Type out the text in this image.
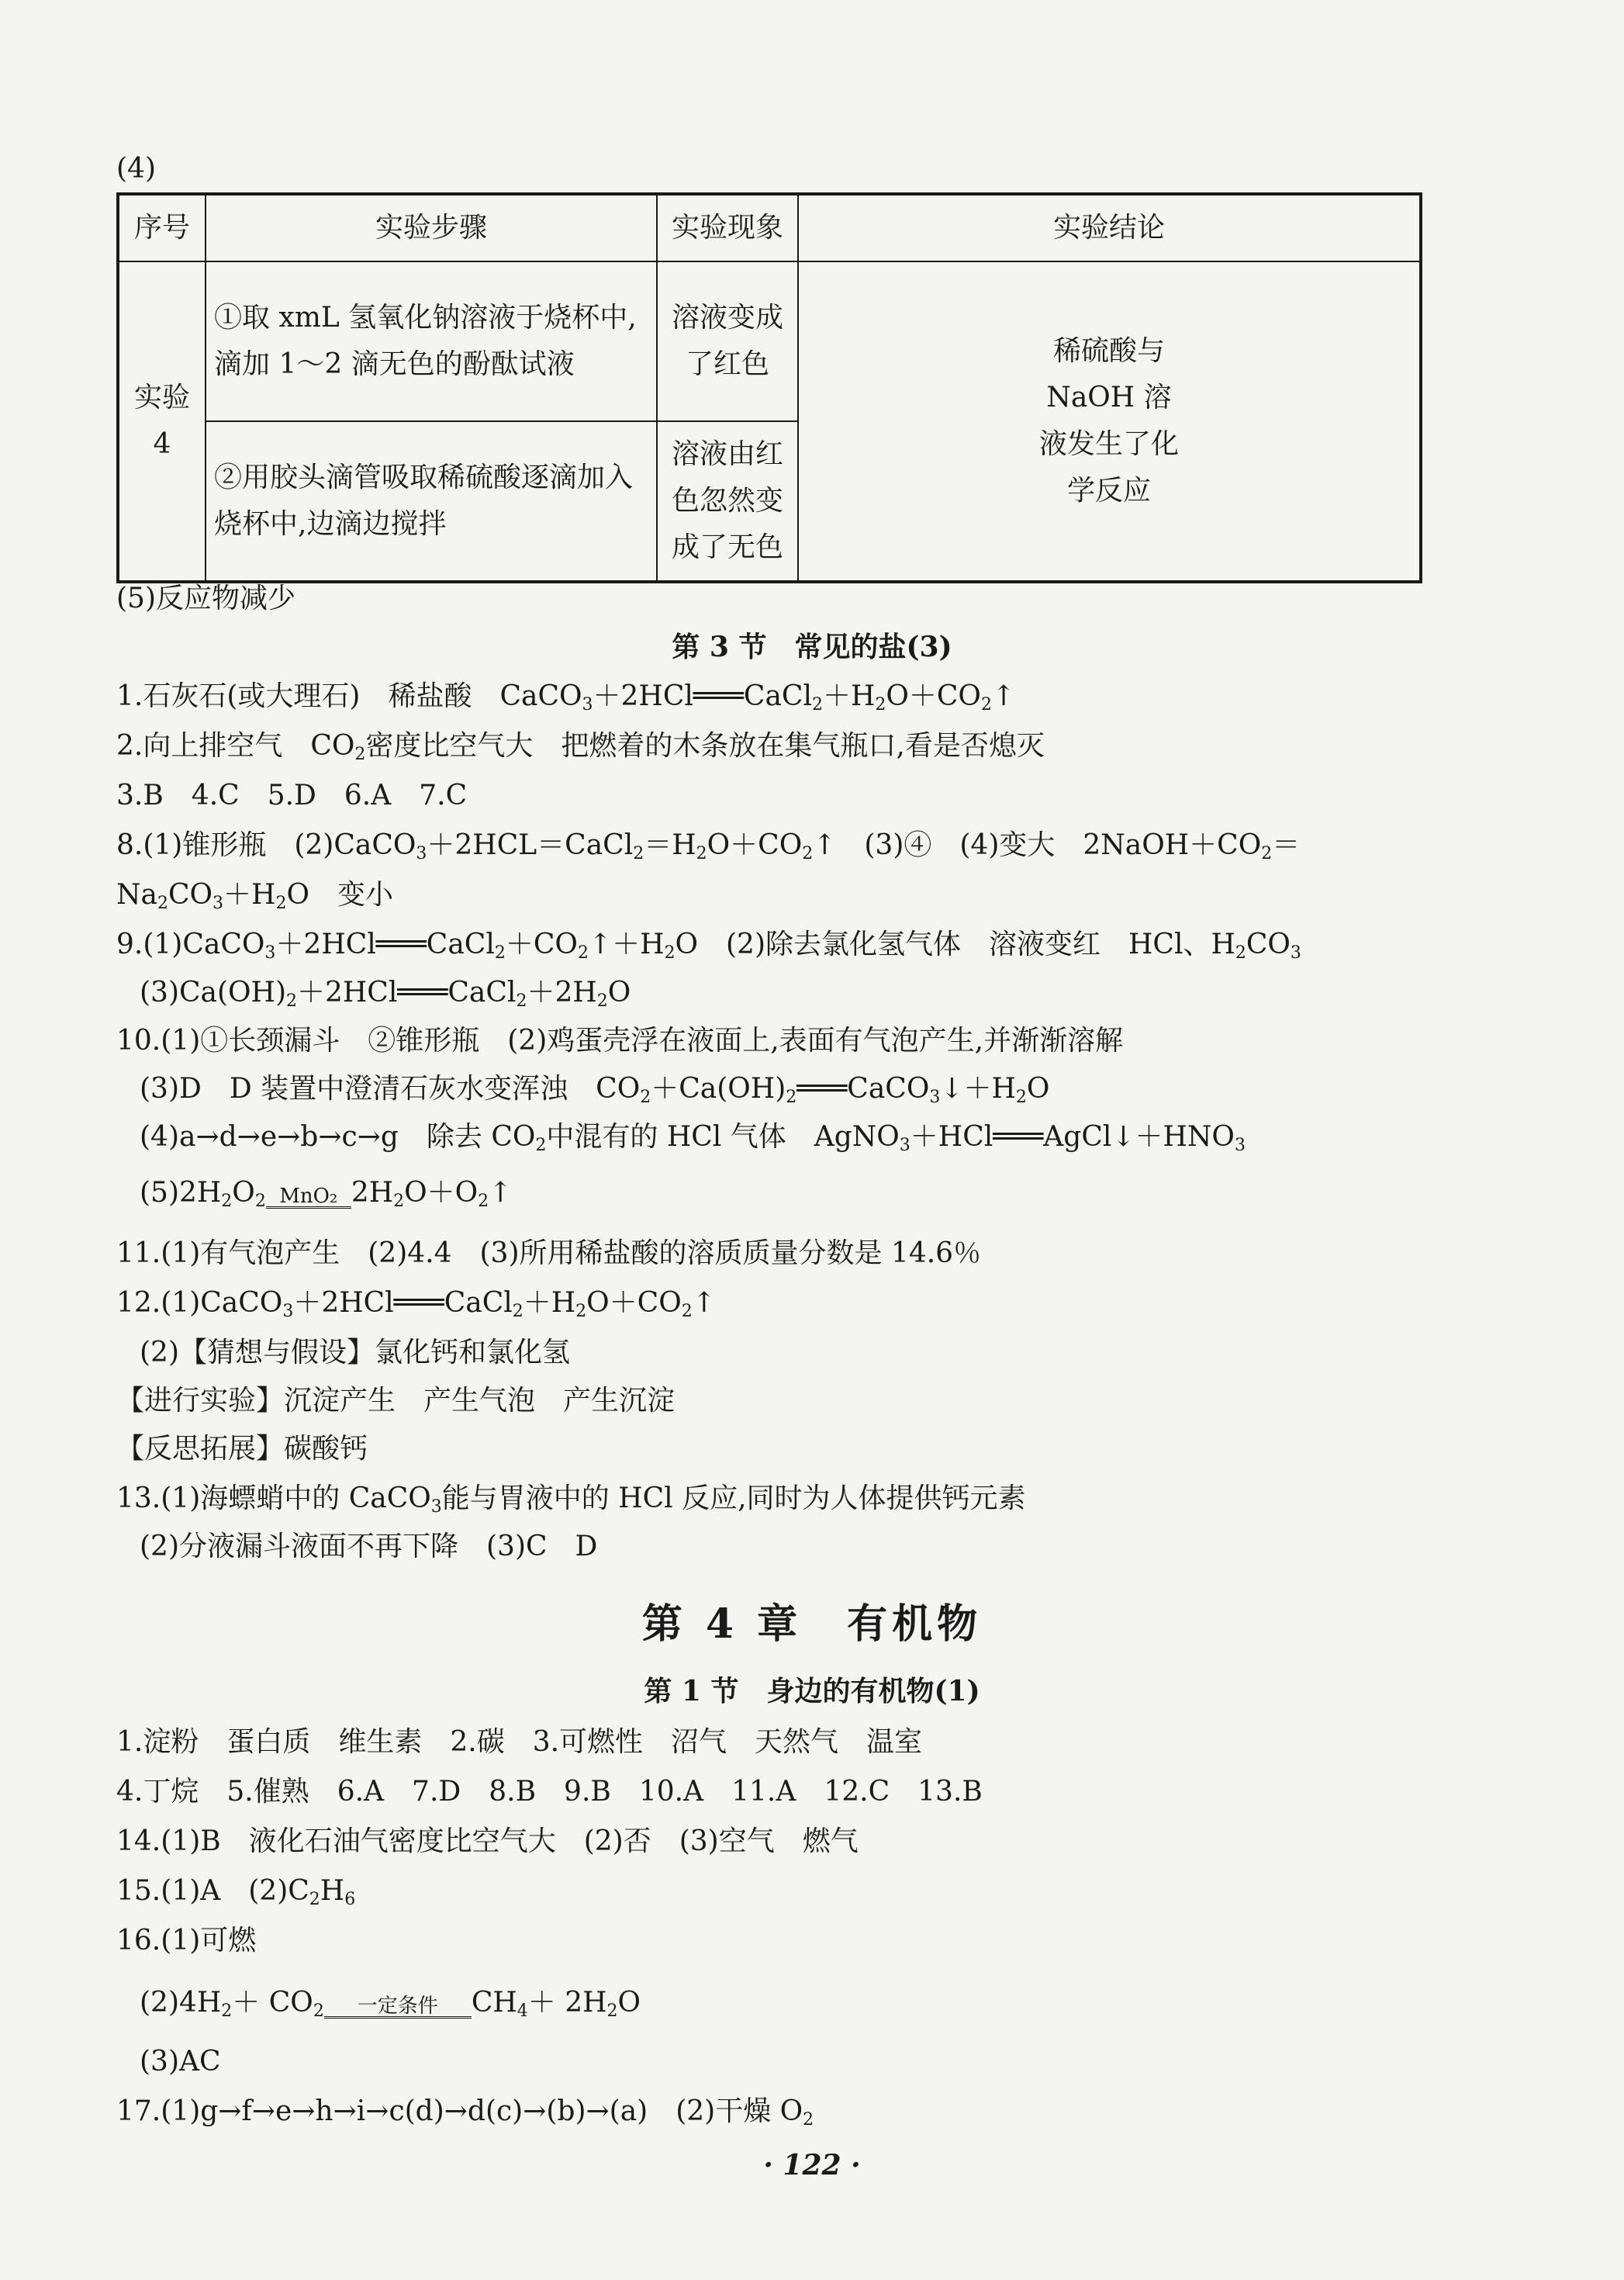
(4)
序号	实验步骤	实验现象	实验结论
实验 4	①取 xmL 氢氧化钠溶液于烧杯中,滴加 1～2 滴无色的酚酞试液	溶液变成了红色	稀硫酸与NaOH 溶液发生了化学反应

	②用胶头滴管吸取稀硫酸逐滴加入烧杯中,边滴边搅拌	溶液由红色忽然变成了无色	
(5)反应物减少
第 3 节　常见的盐(3)
1.石灰石(或大理石)　稀盐酸　$CaCO_3+2HCl═══CaCl_2+H_2O+CO_2↑$
2.向上排空气　$CO_2$密度比空气大　把燃着的木条放在集气瓶口,看是否熄灭
3.B　4.C　5.D　6.A　7.C
8.(1)锥形瓶　$(2)CaCO_3+2HCL=CaCl_2=H_2O+CO_2↑$　(3)④　(4)变大　$2NaOH+CO_2=$
$Na_2CO_3+H_2O$　变小
$9.(1)CaCO_3+2HCl═══CaCl_2+CO_2↑+H_2O$　(2)除去氯化氢气体　溶液变红　HCl、$H_2CO_3$
$(3)Ca(OH)_2+2HCl═══CaCl_2+2H_2O$
10.(1)①长颈漏斗　②锥形瓶　(2)鸡蛋壳浮在液面上,表面有气泡产生,并渐渐溶解
(3)D　D 装置中澄清石灰水变浑浊　$CO_2+Ca(OH)_2═══CaCO_3↓+H_2O$
(4)a→d→e→b→c→g　除去 $CO_2$中混有的 HCl 气体　$AgNO_3+HCl═══AgCl↓+HNO_3$
$(5)2H_2O_2$ MnO₂ $2H_2O+O_2↑$
11.(1)有气泡产生　(2)4.4　(3)所用稀盐酸的溶质质量分数是 14.6％
$12.(1)CaCO_3+2HCl═══CaCl_2+H_2O+CO_2↑$
(2)【猜想与假设】氯化钙和氯化氢
【进行实验】沉淀产生　产生气泡　产生沉淀
【反思拓展】碳酸钙
13.(1)海螵蛸中的 CaCO$_3$能与胃液中的 HCl 反应,同时为人体提供钙元素
(2)分液漏斗液面不再下降　(3)C　D
第 4 章　有机物
第 1 节　身边的有机物(1)
1.淀粉　蛋白质　维生素　2.碳　3.可燃性　沼气　天然气　温室
4.丁烷　5.催熟　6.A　7.D　8.B　9.B　10.A　11.A　12.C　13.B
14.(1)B　液化石油气密度比空气大　(2)否　(3)空气　燃气
15.(1)A　$(2)C_2H_6$
16.(1)可燃
$(2)4H_2+ CO_2$	一定条件	$CH_4+ 2H_2O$
(3)AC
17.(1)g→f→e→h→i→c(d)→d(c)→(b)→(a)　(2)干燥 $O_2$
· 122 ·
